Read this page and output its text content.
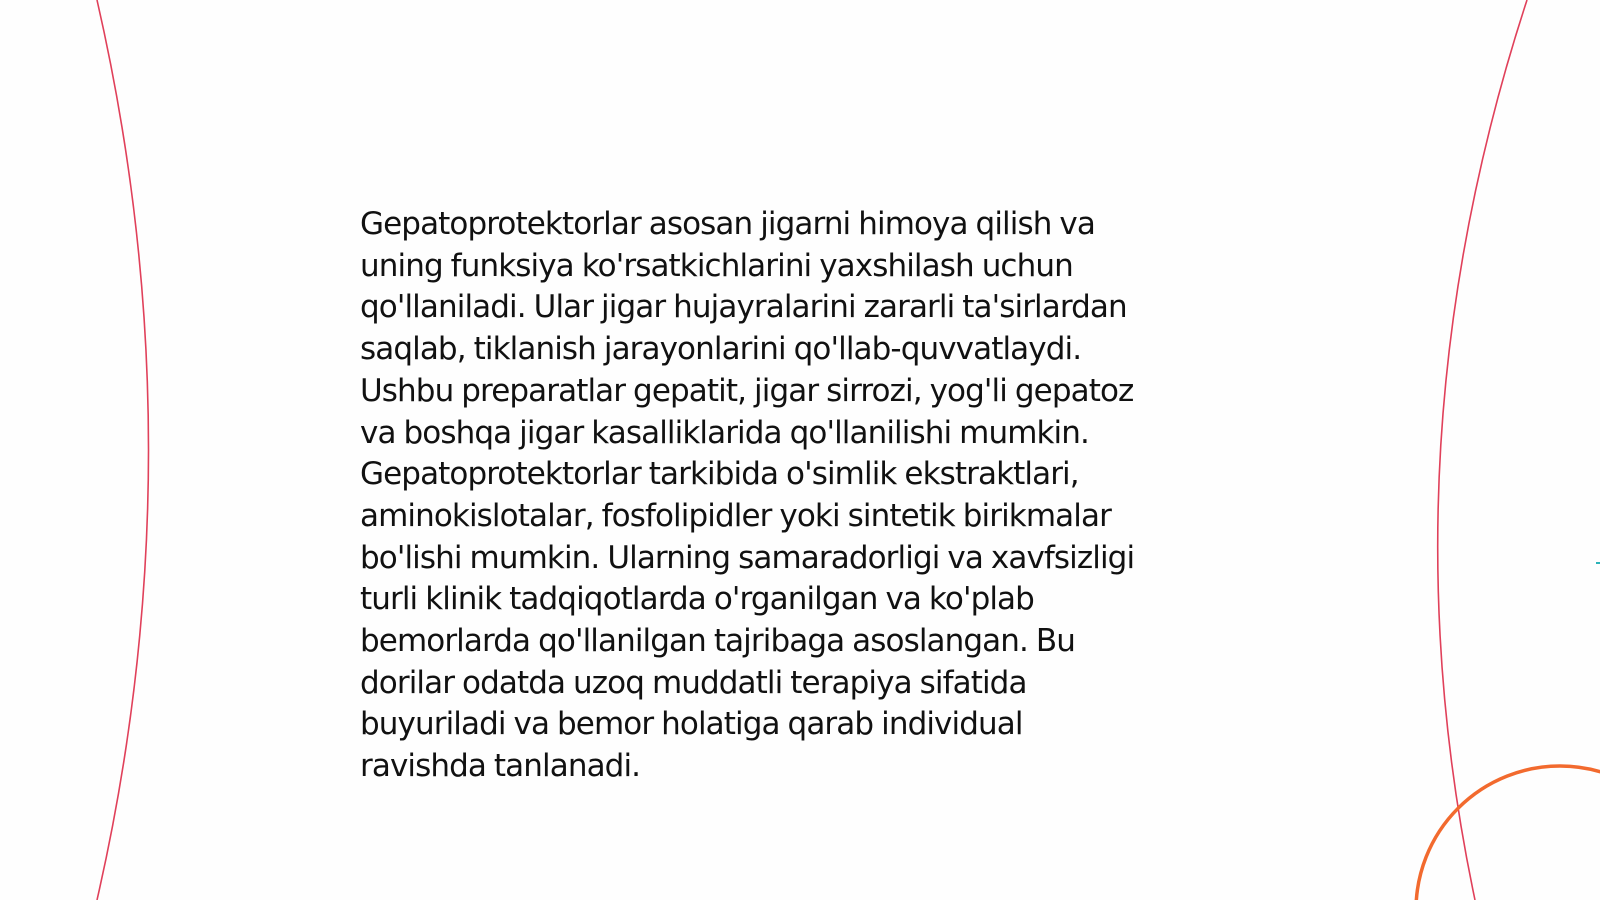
Gepatoprotektorlar asosan jigarni himoya qilish va
uning funksiya ko'rsatkichlarini yaxshilash uchun
qo'llaniladi. Ular jigar hujayralarini zararli ta'sirlardan
saqlab, tiklanish jarayonlarini qo'llab-quvvatlaydi.
Ushbu preparatlar gepatit, jigar sirrozi, yog'li gepatoz
va boshqa jigar kasalliklarida qo'llanilishi mumkin.
Gepatoprotektorlar tarkibida o'simlik ekstraktlari,
aminokislotalar, fosfolipidler yoki sintetik birikmalar
bo'lishi mumkin. Ularning samaradorligi va xavfsizligi
turli klinik tadqiqotlarda o'rganilgan va ko'plab
bemorlarda qo'llanilgan tajribaga asoslangan. Bu
dorilar odatda uzoq muddatli terapiya sifatida
buyuriladi va bemor holatiga qarab individual
ravishda tanlanadi.
